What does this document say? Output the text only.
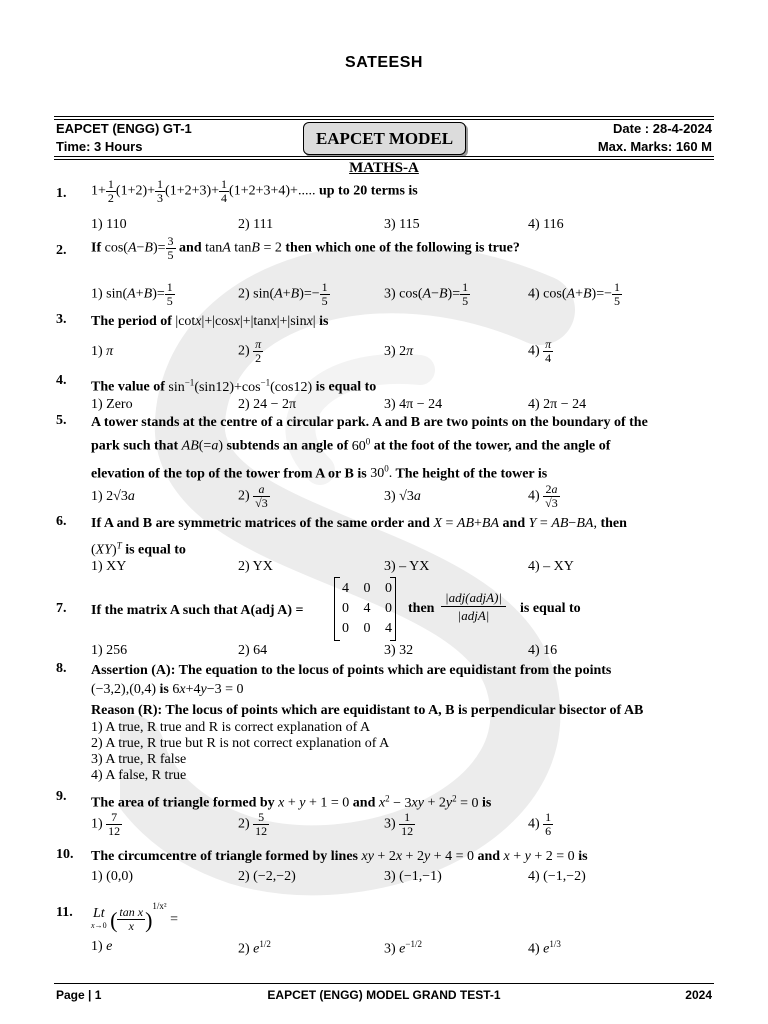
SATEESH
EAPCET (ENGG) GT-1
Time: 3 Hours	EAPCET MODEL	Date : 28-4-2024
Max. Marks: 160 M
MATHS-A
1. $1+ \frac{1}{2} (1+2)+ \frac{1}{3} (1+2+3)+ \frac{1}{4} (1+2+3+4)+$..... up to 20 terms is
1) 110	2) 111	3) 115	4) 116
2. If $\cos(A-B)= \frac{3}{5}$ and tanA tanB = 2 then which one of the following is true?
1) $\sin(A+B)= \frac{1}{5}$	2) $\sin(A+B)=- \frac{1}{5}$	3) $\cos(A-B)= \frac{1}{5}$	4) $\cos(A+B)=- \frac{1}{5}$
3. The period of |cotx|+|cosx|+|tanx|+|sinx| is
1) π	$2) \frac{\pi}{2}$	3) 2π	$4) \frac{\pi}{4}$
4. The value of $\sin^{-1}(\sin 12)+\cos^{-1}(\cos 12)$ is equal to
1) Zero	2) 24 − 2π	3) 4π − 24	4) 2π − 24
5. A tower stands at the centre of a circular park. A and B are two points on the boundary of the
park such that AB(=a) subtends an angle of $60^0$ at the foot of the tower, and the angle of
elevation of the top of the tower from A or B is $30^0$. The height of the tower is
1) 2√3a	$2) \frac{a}{√3}$	3) √3a	$4) \frac{2a}{√3}$
6. If A and B are symmetric matrices of the same order and X = AB+BA and Y = AB−BA, then
(XY)$^T$ is equal to
1) XY	2) YX	3) – YX	4) – XY
7. If the matrix A such that A(adj A) =
4 0 0
0 4 0
0 0 4
then $\frac{\text{|adj(adjA)|}}{\text{|adjA|}}$ is equal to
1) 256	2) 64	3) 32	4) 16
8. Assertion (A): The equation to the locus of points which are equidistant from the points
(−3,2),(0,4) is 6x+4y−3 = 0
Reason (R): The locus of points which are equidistant to A, B is perpendicular bisector of AB
1) A true, R true and R is correct explanation of A
2) A true, R true but R is not correct explanation of A
3) A true, R false
4) A false, R true
9. The area of triangle formed by x + y + 1 = 0 and $x^2 - 3xy + 2y^2 = 0$ is
$1) \frac{7}{12}$	$2) \frac{5}{12}$	$3) \frac{1}{12}$	$4) \frac{1}{6}$
10. The circumcentre of triangle formed by lines xy + 2x + 2y + 4 = 0 and x + y + 2 = 0 is
1) (0,0)	2) (−2,−2)	3) (−1,−1)	4) (−1,−2)
11. Lt
x→0 ( $\frac{\text{tan x}}{x} )^{1/x^2}$ =
1) e	2) $e^{1/2}$	3) $e^{-1/2}$	4) $e^{1/3}$
Page | 1	EAPCET (ENGG) MODEL GRAND TEST-1	2024
